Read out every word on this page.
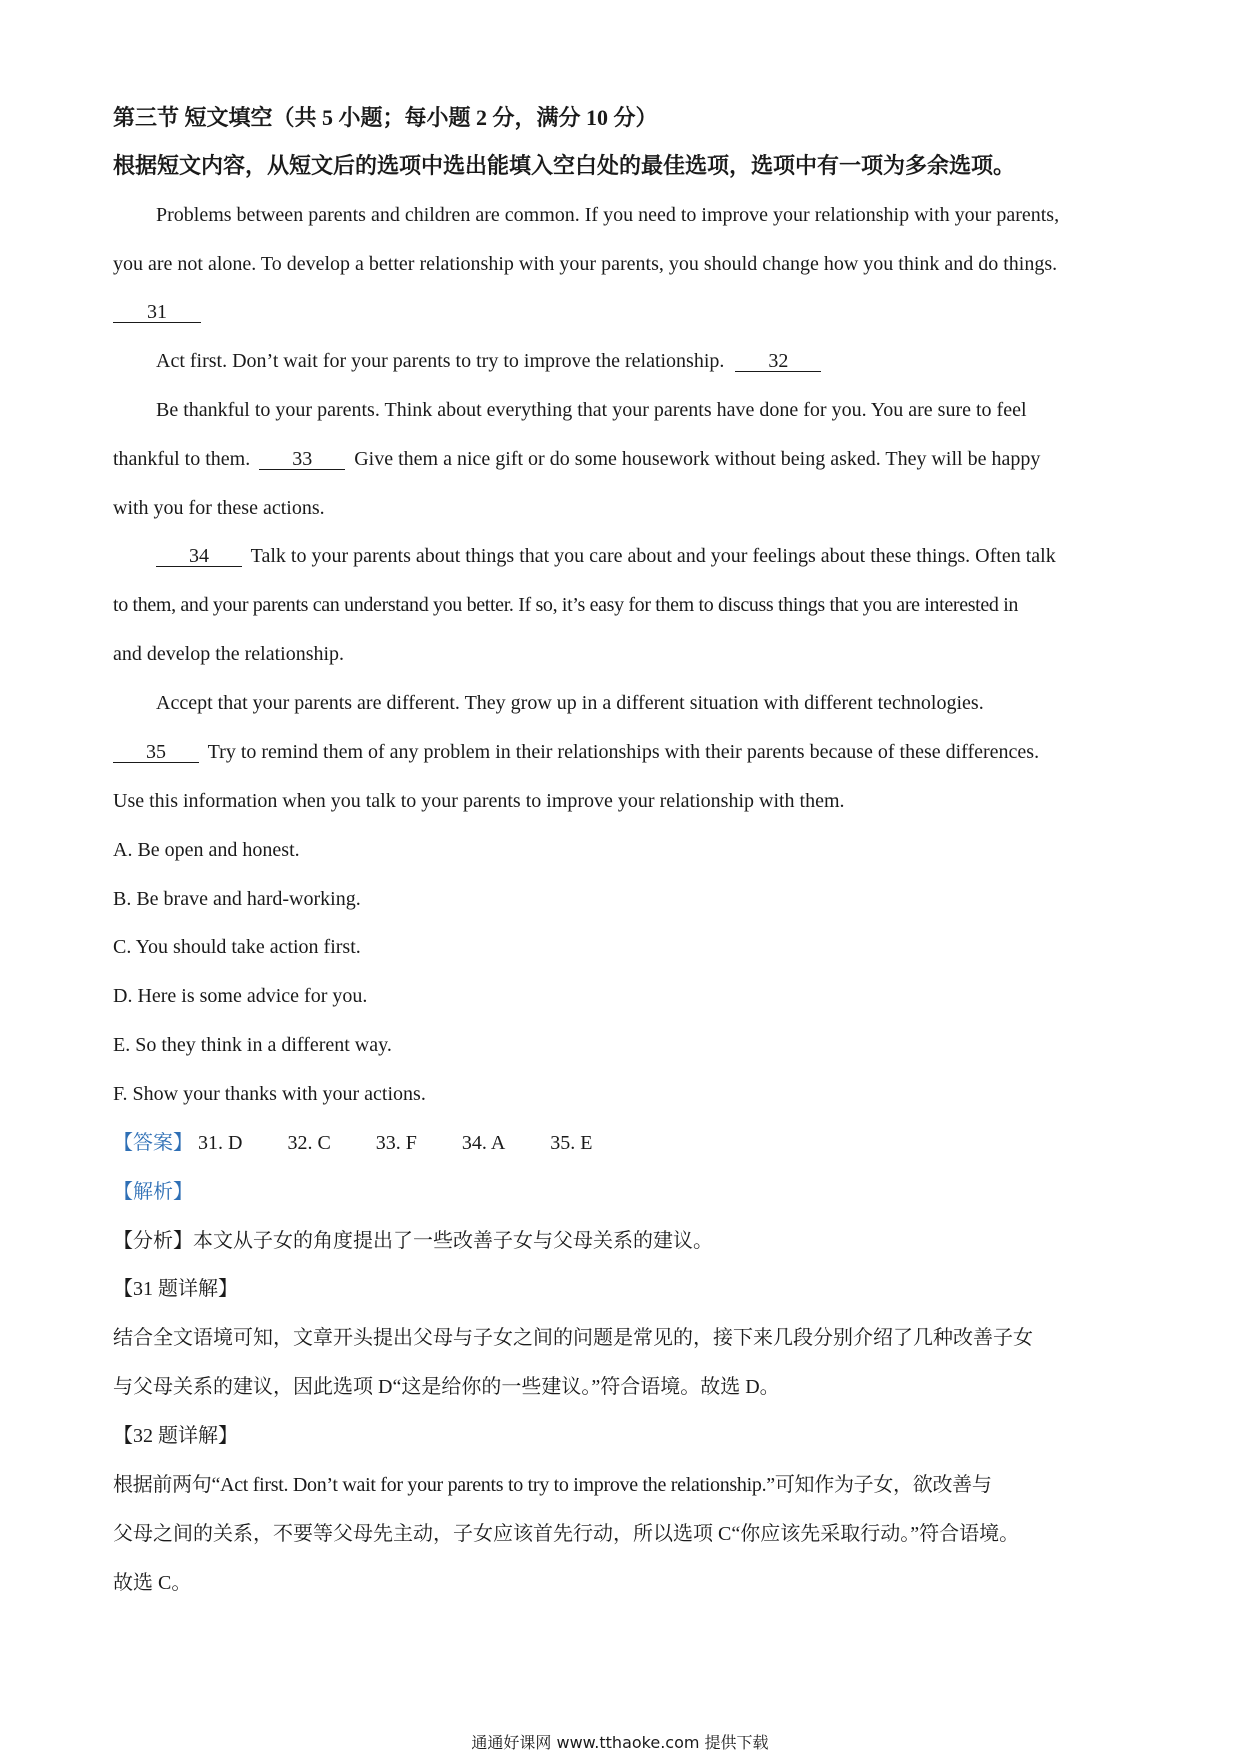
第三节 短文填空（共 5 小题；每小题 2 分，满分 10 分）
根据短文内容，从短文后的选项中选出能填入空白处的最佳选项，选项中有一项为多余选项。
Problems between parents and children are common. If you need to improve your relationship with your parents,
you are not alone. To develop a better relationship with your parents, you should change how you think and do things.
31
Act first. Don’t wait for your parents to try to improve the relationship. 32
Be thankful to your parents. Think about everything that your parents have done for you. You are sure to feel
thankful to them. 33 Give them a nice gift or do some housework without being asked. They will be happy
with you for these actions.
34 Talk to your parents about things that you care about and your feelings about these things. Often talk
to them, and your parents can understand you better. If so, it’s easy for them to discuss things that you are interested in
and develop the relationship.
Accept that your parents are different. They grow up in a different situation with different technologies.
35 Try to remind them of any problem in their relationships with their parents because of these differences.
Use this information when you talk to your parents to improve your relationship with them.
A. Be open and honest.
B. Be brave and hard-working.
C. You should take action first.
D. Here is some advice for you.
E. So they think in a different way.
F. Show your thanks with your actions.
【答案】 31. D 32. C 33. F 34. A 35. E
【解析】
【分析】本文从子女的角度提出了一些改善子女与父母关系的建议。
【31 题详解】
结合全文语境可知，文章开头提出父母与子女之间的问题是常见的，接下来几段分别介绍了几种改善子女
与父母关系的建议，因此选项 D“这是给你的一些建议。”符合语境。故选 D。
【32 题详解】
根据前两句“Act first. Don’t wait for your parents to try to improve the relationship.”可知作为子女，欲改善与
父母之间的关系，不要等父母先主动，子女应该首先行动，所以选项 C“你应该先采取行动。”符合语境。
故选 C。
通通好课网 www.tthaoke.com 提供下载
